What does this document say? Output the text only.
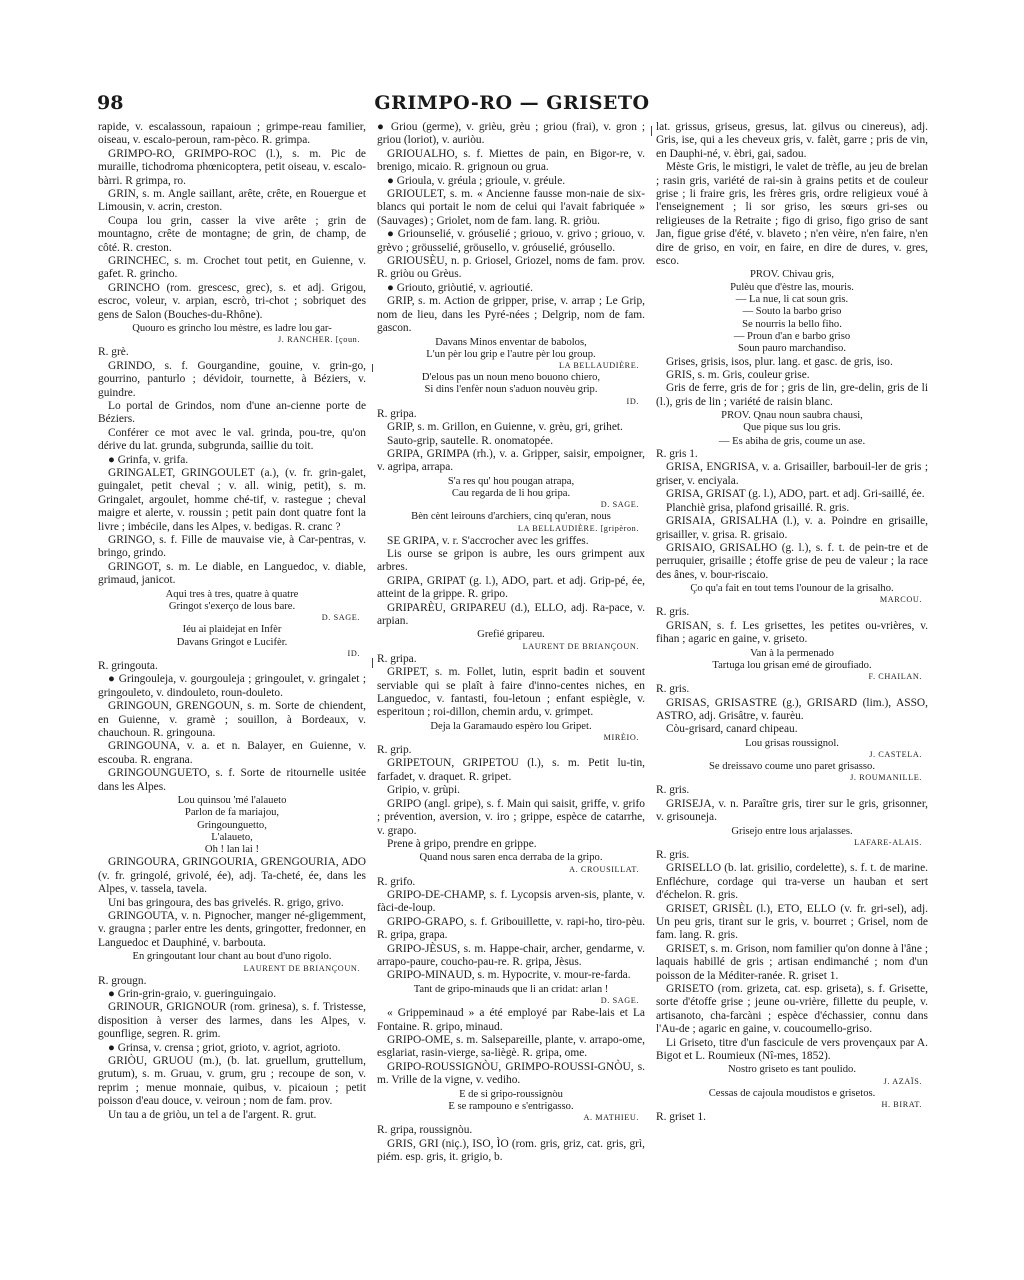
98	GRIMPO-RO — GRISETO

rapide, v. escalassoun, rapaioun ; grimpe-reau familier, oiseau, v. escalo-peroun, ram-pèco. R. grimpa.

GRIMPO-RO, GRIMPO-ROC (l.), s. m. Pic de muraille, tichodroma phœnicoptera, petit oiseau, v. escalo-bàrri. R grimpa, ro.

GRIN, s. m. Angle saillant, arête, crête, en Rouergue et Limousin, v. acrin, creston.

Coupa lou grin, casser la vive arête ; grin de mountagno, crête de montagne; de grin, de champ, de côté. R. creston.

GRINCHEC, s. m. Crochet tout petit, en Guienne, v. gafet. R. grincho.

GRINCHO (rom. grescesc, grec), s. et adj. Grigou, escroc, voleur, v. arpian, escrò, tri-chot ; sobriquet des gens de Salon (Bouches-du-Rhône).

Quouro es grincho lou mèstre, es ladre lou gar-

J. RANCHER. [çoun.

R. grè.

GRINDO, s. f. Gourgandine, gouine, v. grin-go, gourrino, panturlo ; dévidoir, tournette, à Béziers, v. guindre.

Lo portal de Grindos, nom d'une an-cienne porte de Béziers.

Conférer ce mot avec le val. grinda, pou-tre, qu'on dérive du lat. grunda, subgrunda, saillie du toit.

● Grinfa, v. grifa.

GRINGALET, GRINGOULET (a.), (v. fr. grin-galet, guingalet, petit cheval ; v. all. winig, petit), s. m. Gringalet, argoulet, homme ché-tif, v. rastegue ; cheval maigre et alerte, v. roussin ; petit pain dont quatre font la livre ; imbécile, dans les Alpes, v. bedigas. R. cranc ?

GRINGO, s. f. Fille de mauvaise vie, à Car-pentras, v. bringo, grindo.

GRINGOT, s. m. Le diable, en Languedoc, v. diable, grimaud, janicot.

Aqui tres à tres, quatre à quatre
Gringot s'exerço de lous bare.

D. SAGE.

Iéu ai plaidejat en Infèr
Davans Gringot e Lucifèr.

ID.

R. gringouta.

● Gringouleja, v. gourgouleja ; gringoulet, v. gringalet ; gringouleto, v. dindouleto, roun-douleto.

GRINGOUN, GRENGOUN, s. m. Sorte de chiendent, en Guienne, v. gramè ; souillon, à Bordeaux, v. chauchoun. R. gringouna.

GRINGOUNA, v. a. et n. Balayer, en Guienne, v. escouba. R. engrana.

GRINGOUNGUETO, s. f. Sorte de ritournelle usitée dans les Alpes.

Lou quinsou 'mé l'alaueto
Parlon de fa mariajou,
Gringounguetto,
L'alaueto,
Oh ! lan lai !

GRINGOURA, GRINGOURIA, GRENGOURIA, ADO (v. fr. gringolé, grivolé, ée), adj. Ta-cheté, ée, dans les Alpes, v. tassela, tavela.

Uni bas gringoura, des bas grivelés. R. grigo, grivo.

GRINGOUTA, v. n. Pignocher, manger né-gligemment, v. graugna ; parler entre les dents, gringotter, fredonner, en Languedoc et Dauphiné, v. barbouta.

En gringoutant lour chant au bout d'uno rigolo.

LAURENT DE BRIANÇOUN.

R. grougn.

● Grin-grin-graio, v. gueringuingaio.

GRINOUR, GRIGNOUR (rom. grinesa), s. f. Tristesse, disposition à verser des larmes, dans les Alpes, v. gounflige, segren. R. grim.

● Grinsa, v. crensa ; griot, grioto, v. agriot, agrioto.

GRIÒU, GRUOU (m.), (b. lat. gruellum, gruttellum, grutum), s. m. Gruau, v. grum, gru ; recoupe de son, v. reprim ; menue monnaie, quibus, v. picaioun ; petit poisson d'eau douce, v. veiroun ; nom de fam. prov.

Un tau a de griòu, un tel a de l'argent. R. grut.

● Griou (germe), v. grièu, grèu ; griou (frai), v. gron ; griou (loriot), v. auriòu.

GRIOUALHO, s. f. Miettes de pain, en Bigor-re, v. brenigo, micaio. R. grignoun ou grua.

● Grioula, v. gréula ; grioule, v. gréule.

GRIOULET, s. m. « Ancienne fausse mon-naie de six-blancs qui portait le nom de celui qui l'avait fabriquée » (Sauvages) ; Griolet, nom de fam. lang. R. griòu.

● Griounselié, v. gróuselié ; griouo, v. grivo ; griouo, v. grèvo ; gröusselié, gröusello, v. gróuselié, gróusello.

GRIOUSÈU, n. p. Griosel, Griozel, noms de fam. prov. R. griòu ou Grèus.

● Griouto, griòutié, v. agrioutié.

GRIP, s. m. Action de gripper, prise, v. arrap ; Le Grip, nom de lieu, dans les Pyré-nées ; Delgrip, nom de fam. gascon.

Davans Minos enventar de babolos,
L'un pèr lou grip e l'autre pèr lou group.

LA BELLAUDIÈRE.

D'elous pas un noun meno bouono chiero,
Si dins l'enfèr noun s'aduon nouvèu grip.

ID.

R. gripa.

GRIP, s. m. Grillon, en Guienne, v. grèu, gri, grihet.

Sauto-grip, sautelle. R. onomatopée.

GRIPA, GRIMPA (rh.), v. a. Gripper, saisir, empoigner, v. agripa, arrapa.

S'a res qu' hou pougan atrapa,
Cau regarda de li hou gripa.

D. SAGE.

Bèn cènt leirouns d'archiers, cinq qu'eran, nous

LA BELLAUDIÈRE. [gripèron.

SE GRIPA, v. r. S'accrocher avec les griffes.

Lis ourse se gripon is aubre, les ours grimpent aux arbres.

GRIPA, GRIPAT (g. l.), ADO, part. et adj. Grip-pé, ée, atteint de la grippe. R. gripo.

GRIPARÈU, GRIPAREU (d.), ELLO, adj. Ra-pace, v. arpian.

Grefié gripareu.

LAURENT DE BRIANÇOUN.

R. gripa.

GRIPET, s. m. Follet, lutin, esprit badin et souvent serviable qui se plaît à faire d'inno-centes niches, en Languedoc, v. fantasti, fou-letoun ; enfant espiègle, v. esperitoun ; roi-dillon, chemin ardu, v. grimpet.

Deja la Garamaudo espèro lou Gripet.

MIRÈIO.

R. grip.

GRIPETOUN, GRIPETOU (l.), s. m. Petit lu-tin, farfadet, v. draquet. R. gripet.

Gripio, v. grùpi.

GRIPO (angl. gripe), s. f. Main qui saisit, griffe, v. grifo ; prévention, aversion, v. iro ; grippe, espèce de catarrhe, v. grapo.

Prene à gripo, prendre en grippe.

Quand nous saren enca derraba de la gripo.

A. CROUSILLAT.

R. grifo.

GRIPO-DE-CHAMP, s. f. Lycopsis arven-sis, plante, v. fàci-de-loup.

GRIPO-GRAPO, s. f. Gribouillette, v. rapi-ho, tiro-pèu. R. gripa, grapa.

GRIPO-JÈSUS, s. m. Happe-chair, archer, gendarme, v. arrapo-paure, coucho-pau-re. R. gripa, Jèsus.

GRIPO-MINAUD, s. m. Hypocrite, v. mour-re-farda.

Tant de gripo-minauds que li an cridat: arlan !

D. SAGE.

« Grippeminaud » a été employé par Rabe-lais et La Fontaine. R. gripo, minaud.

GRIPO-OME, s. m. Salsepareille, plante, v. arrapo-ome, esglariat, rasin-vierge, sa-liègè. R. gripa, ome.

GRIPO-ROUSSIGNÒU, GRIMPO-ROUSSI-GNÒU, s. m. Vrille de la vigne, v. vediho.

E de si gripo-roussignòu
E se rampouno e s'entrigasso.

A. MATHIEU.

R. gripa, roussignòu.

GRIS, GRI (niç.), ISO, ÌO (rom. gris, griz, cat. gris, grì, piém. esp. gris, it. grigio, b.

lat. grissus, griseus, gresus, lat. gilvus ou cinereus), adj. Gris, ise, qui a les cheveux gris, v. falèt, garre ; pris de vin, en Dauphi-né, v. èbri, gai, sadou.

Mèste Gris, le mistigri, le valet de trèfle, au jeu de brelan ; rasin gris, variété de rai-sin à grains petits et de couleur grise ; li fraire gris, les frères gris, ordre religieux voué à l'enseignement ; li sor griso, les sœurs gri-ses ou religieuses de la Retraite ; figo di griso, figo griso de sant Jan, figue grise d'été, v. blaveto ; n'en vèire, n'en faire, n'en dire de griso, en voir, en faire, en dire de dures, v. gres, esco.

PROV. Chivau gris,
Pulèu que d'èstre las, mouris.
— La nue, li cat soun gris.
— Souto la barbo griso
Se nourris la bello fiho.
— Proun d'an e barbo griso
Soun pauro marchandiso.

Grises, grisis, isos, plur. lang. et gasc. de gris, iso.

GRIS, s. m. Gris, couleur grise.

Gris de ferre, gris de for ; gris de lin, gre-delin, gris de li (l.), gris de lin ; variété de raisin blanc.

PROV. Qnau noun saubra chausi,
Que pique sus lou gris.

— Es abiha de gris, coume un ase.

R. gris 1.

GRISA, ENGRISA, v. a. Grisailler, barbouil-ler de gris ; griser, v. enciyala.

GRISA, GRISAT (g. l.), ADO, part. et adj. Gri-saillé, ée.

Planchiè grisa, plafond grisaillé. R. gris.

GRISAIA, GRISALHA (l.), v. a. Poindre en grisaille, grisailler, v. grisa. R. grisaio.

GRISAIO, GRISALHO (g. l.), s. f. t. de pein-tre et de perruquier, grisaille ; étoffe grise de peu de valeur ; la race des ânes, v. bour-riscaio.

Ço qu'a fait en tout tems l'ounour de la grisalho.

MARCOU.

R. gris.

GRISAN, s. f. Les grisettes, les petites ou-vrières, v. fihan ; agaric en gaine, v. griseto.

Van à la permenado
Tartuga lou grisan emé de giroufiado.

F. CHAILAN.

R. gris.

GRISAS, GRISASTRE (g.), GRISARD (lim.), ASSO, ASTRO, adj. Grisâtre, v. faurèu.

Còu-grisard, canard chipeau.

Lou grisas roussignol.

J. CASTELA.

Se dreissavo coume uno paret grisasso.

J. ROUMANILLE.

R. gris.

GRISEJA, v. n. Paraître gris, tirer sur le gris, grisonner, v. grisouneja.

Grisejo entre lous arjalasses.

LAFARE-ALAIS.

R. gris.

GRISELLO (b. lat. grisilio, cordelette), s. f. t. de marine. Enfléchure, cordage qui tra-verse un hauban et sert d'échelon. R. gris.

GRISET, GRISÈL (l.), ETO, ELLO (v. fr. gri-sel), adj. Un peu gris, tirant sur le gris, v. bourret ; Grisel, nom de fam. lang. R. gris.

GRISET, s. m. Grison, nom familier qu'on donne à l'âne ; laquais habillé de gris ; artisan endimanché ; nom d'un poisson de la Méditer-ranée. R. griset 1.

GRISETO (rom. grizeta, cat. esp. griseta), s. f. Grisette, sorte d'étoffe grise ; jeune ou-vrière, fillette du peuple, v. artisanoto, cha-farcàni ; espèce d'échassier, connu dans l'Au-de ; agaric en gaine, v. coucoumello-griso.

Li Griseto, titre d'un fascicule de vers provençaux par A. Bigot et L. Roumieux (Nî-mes, 1852).

Nostro griseto es tant poulido.

J. AZAÏS.

Cessas de cajoula moudistos e grisetos.

H. BIRAT.

R. griset 1.
